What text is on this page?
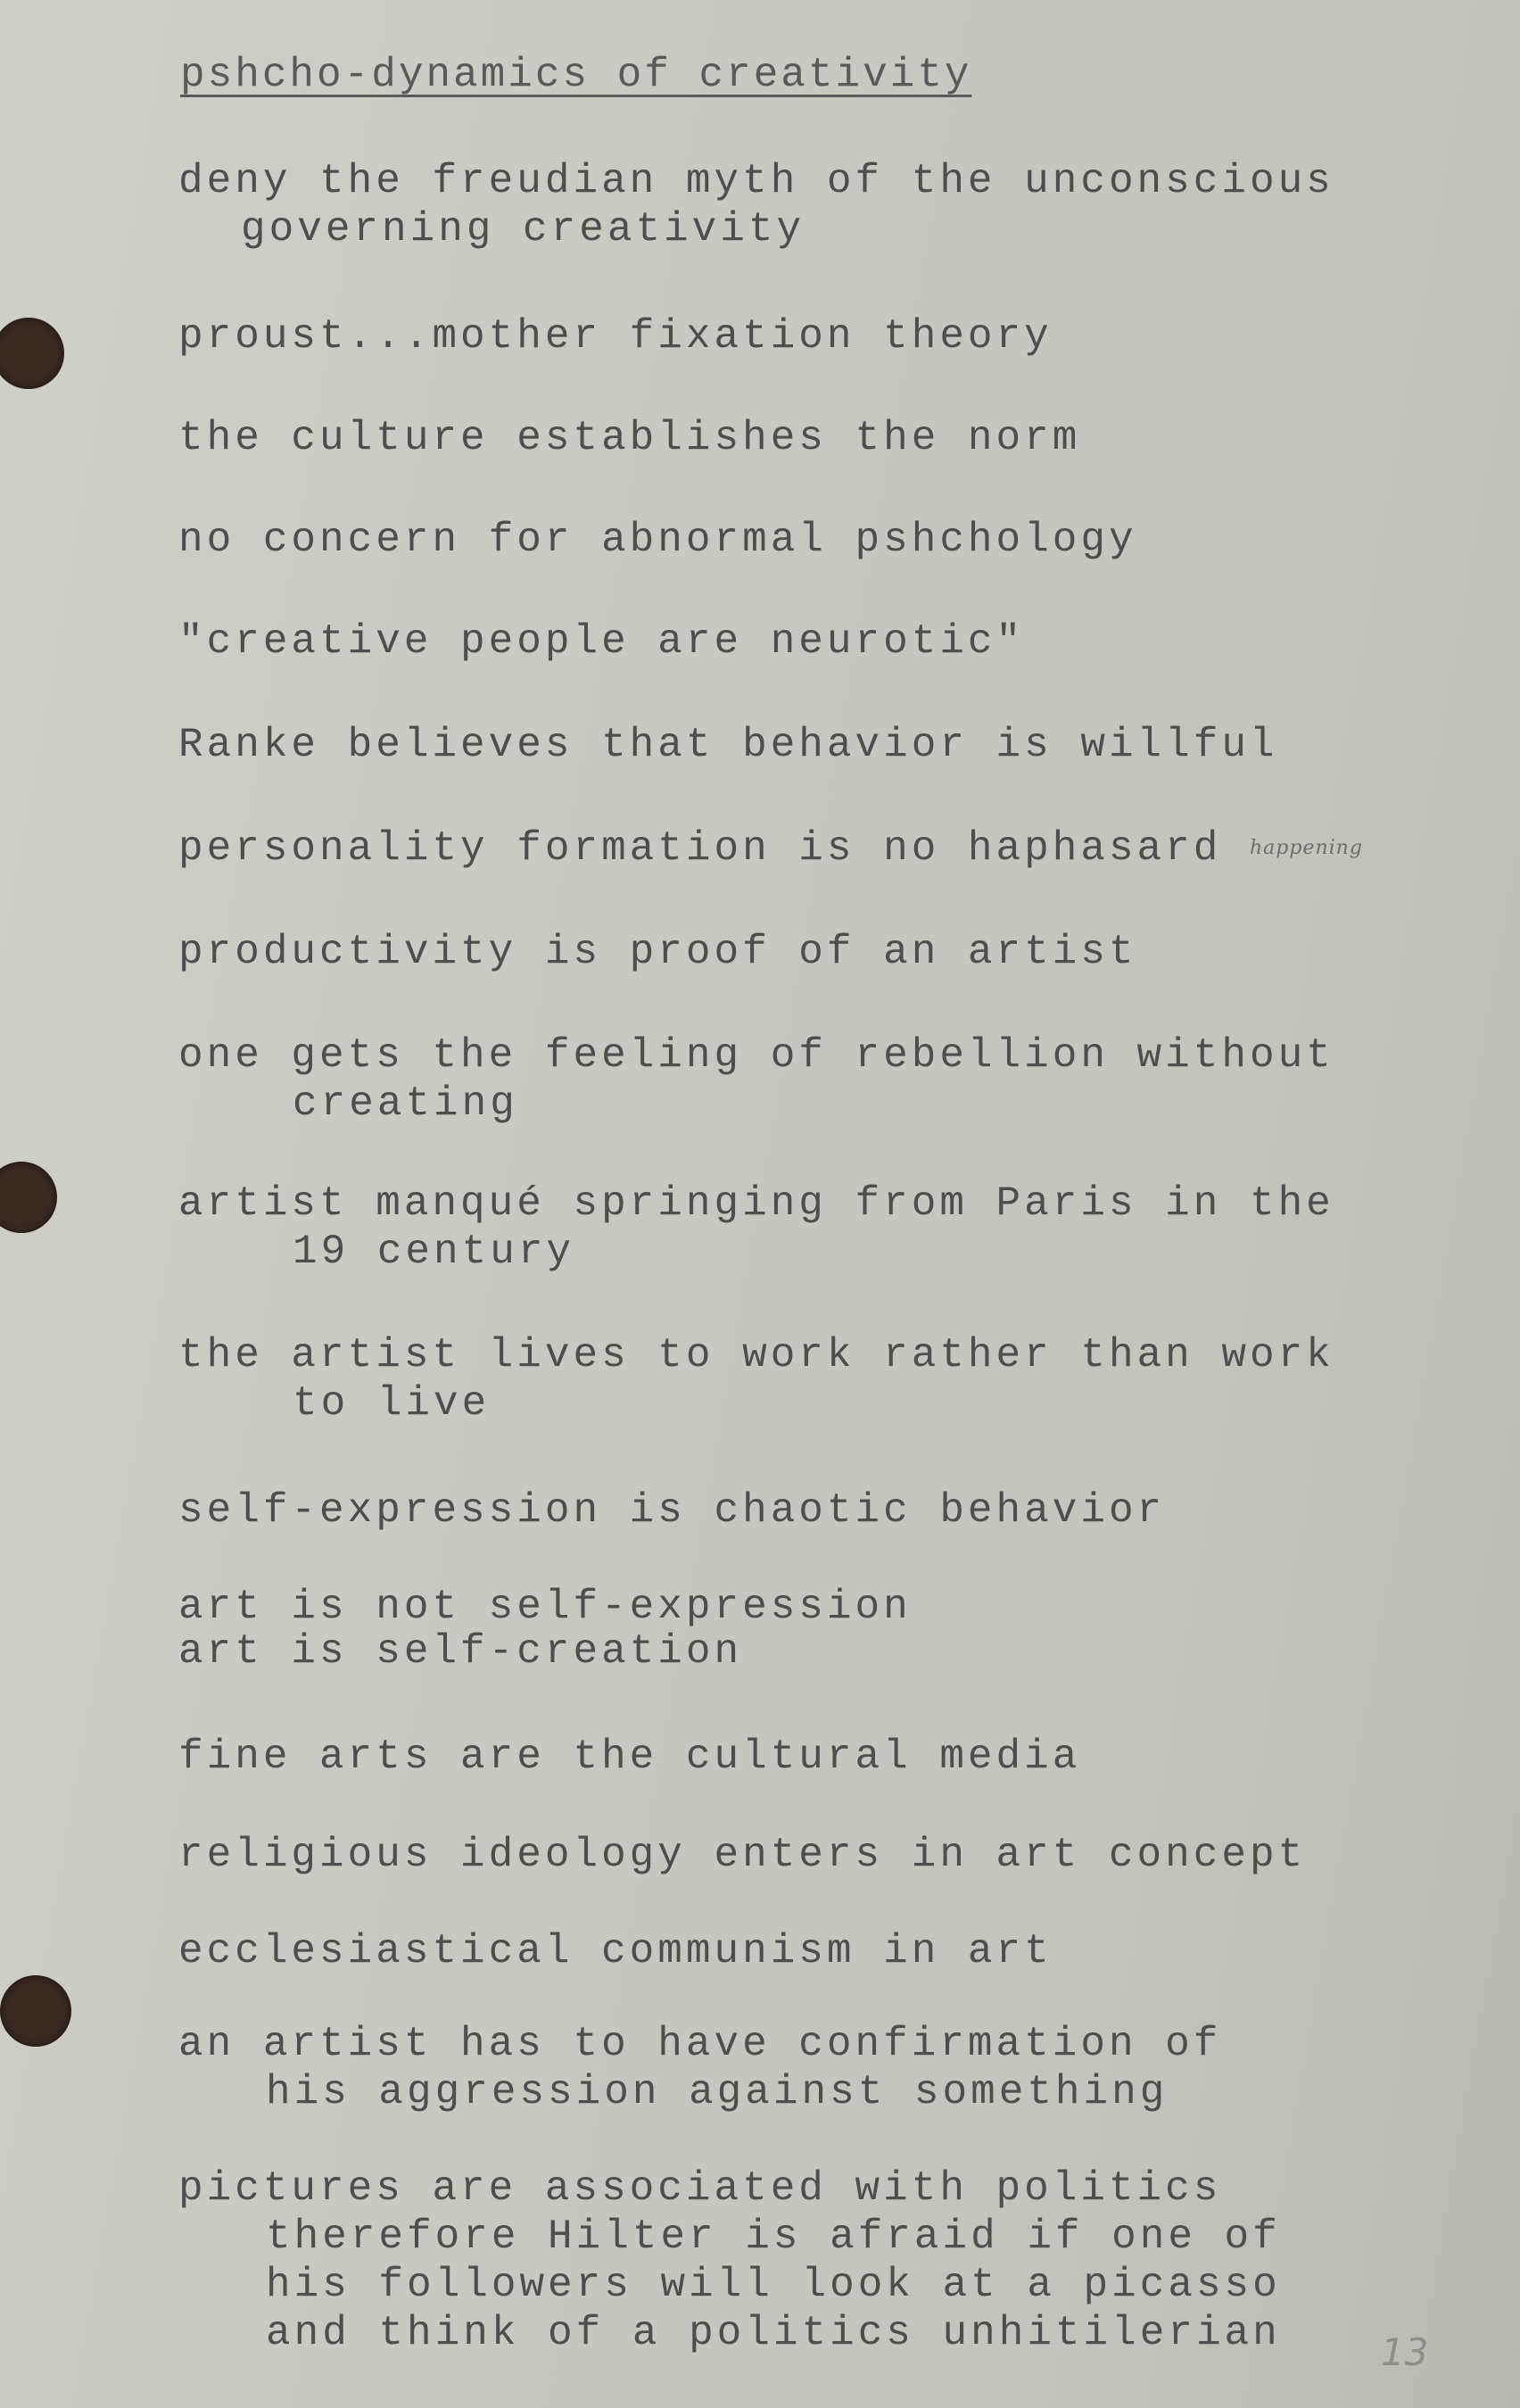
pshcho-dynamics of creativity
deny the freudian myth of the unconscious
governing creativity
proust...mother fixation theory
the culture establishes the norm
no concern for abnormal pshchology
"creative people are neurotic"
Ranke believes that behavior is willful
personality formation is no haphasard happening
productivity is proof of an artist
one gets the feeling of rebellion without
creating
artist manqué springing from Paris in the
19 century
the artist lives to work rather than work
to live
self-expression is chaotic behavior
art is not self-expression
art is self-creation
fine arts are the cultural media
religious ideology enters in art concept
ecclesiastical communism in art
an artist has to have confirmation of
his aggression against something
pictures are associated with politics
therefore Hilter is afraid if one of
his followers will look at a picasso
and think of a politics unhitilerian	13
